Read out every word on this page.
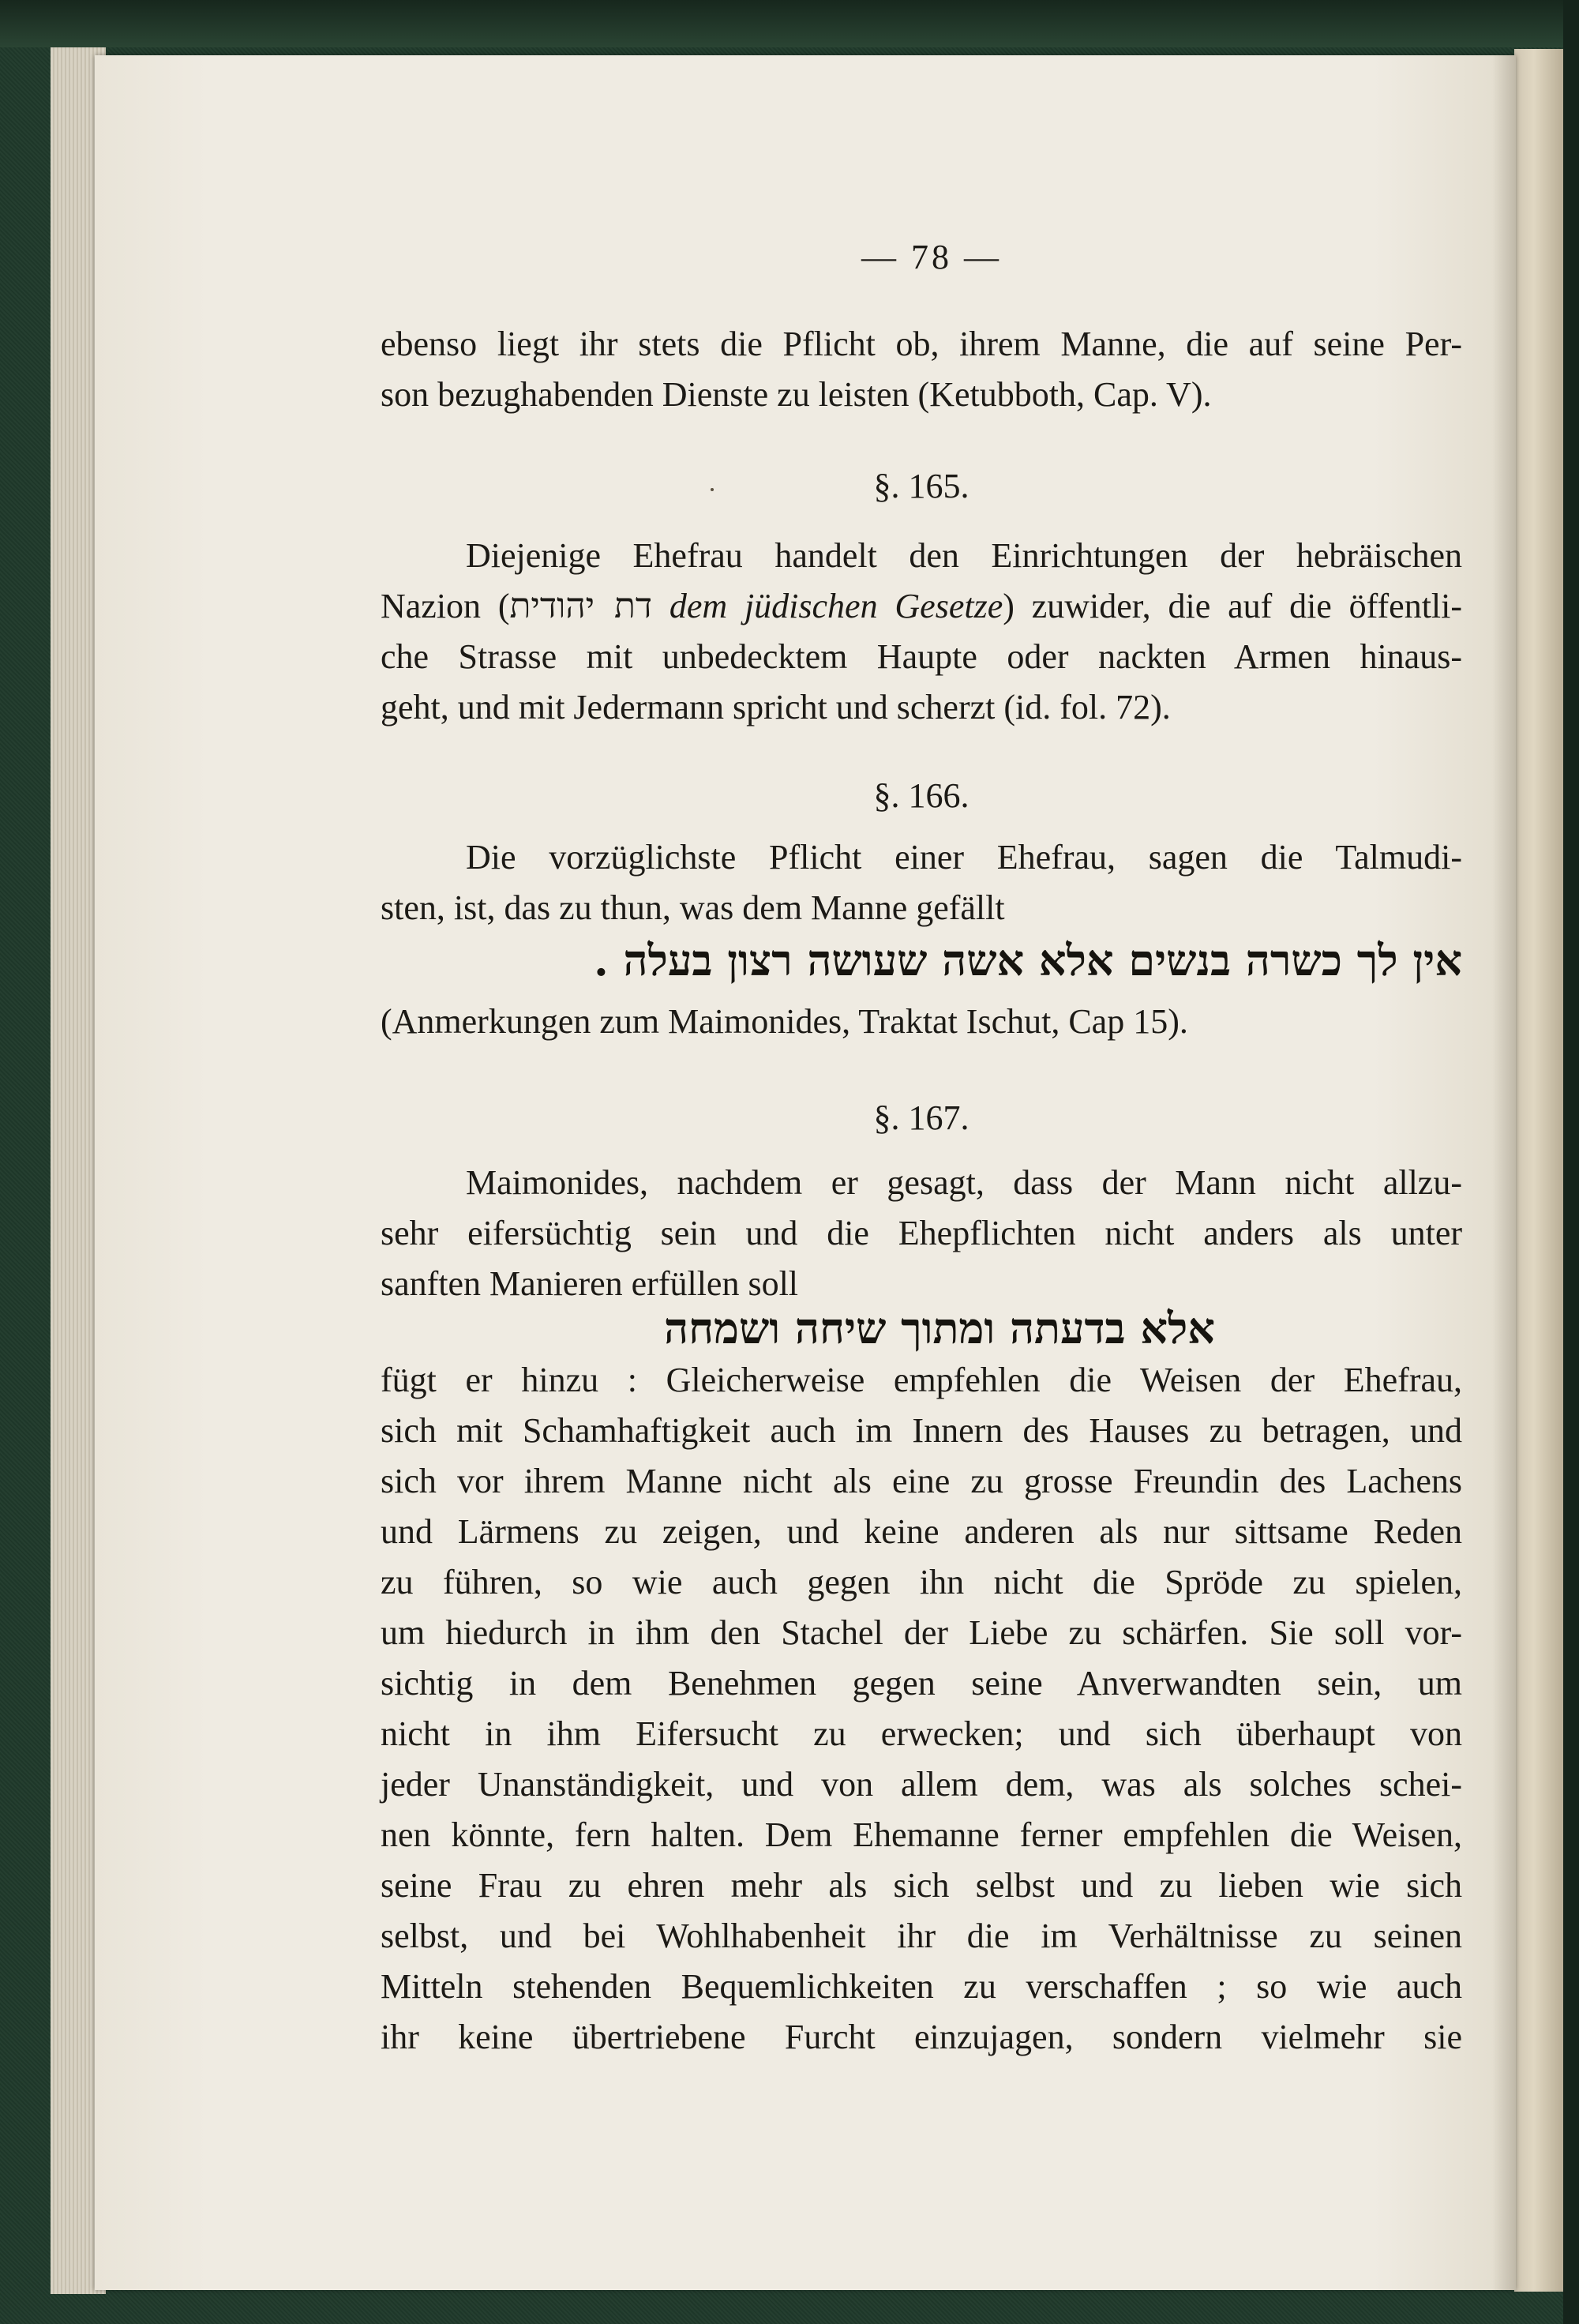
— 78 —
ebenso liegt ihr stets die Pflicht ob, ihrem Manne, die auf seine Per-
son bezughabenden Dienste zu leisten (Ketubboth, Cap. V).
§. 165.
Diejenige Ehefrau handelt den Einrichtungen der hebräischen
Nazion (דת יהודית dem jüdischen Gesetze) zuwider, die auf die öffentli-
che Strasse mit unbedecktem Haupte oder nackten Armen hinaus-
geht, und mit Jedermann spricht und scherzt (id. fol. 72).
§. 166.
Die vorzüglichste Pflicht einer Ehefrau, sagen die Talmudi-
sten, ist, das zu thun, was dem Manne gefällt
אין לך כשרה בנשים אלא אשה שעושה רצון בעלה .
(Anmerkungen zum Maimonides, Traktat Ischut, Cap 15).
§. 167.
Maimonides, nachdem er gesagt, dass der Mann nicht allzu-
sehr eifersüchtig sein und die Ehepflichten nicht anders als unter
sanften Manieren erfüllen soll
אלא בדעתה ומתוך שיחה ושמחה
fügt er hinzu : Gleicherweise empfehlen die Weisen der Ehefrau,
sich mit Schamhaftigkeit auch im Innern des Hauses zu betragen, und
sich vor ihrem Manne nicht als eine zu grosse Freundin des Lachens
und Lärmens zu zeigen, und keine anderen als nur sittsame Reden
zu führen, so wie auch gegen ihn nicht die Spröde zu spielen,
um hiedurch in ihm den Stachel der Liebe zu schärfen. Sie soll vor-
sichtig in dem Benehmen gegen seine Anverwandten sein, um
nicht in ihm Eifersucht zu erwecken; und sich überhaupt von
jeder Unanständigkeit, und von allem dem, was als solches schei-
nen könnte, fern halten. Dem Ehemanne ferner empfehlen die Weisen,
seine Frau zu ehren mehr als sich selbst und zu lieben wie sich
selbst, und bei Wohlhabenheit ihr die im Verhältnisse zu seinen
Mitteln stehenden Bequemlichkeiten zu verschaffen ; so wie auch
ihr keine übertriebene Furcht einzujagen, sondern vielmehr sie
